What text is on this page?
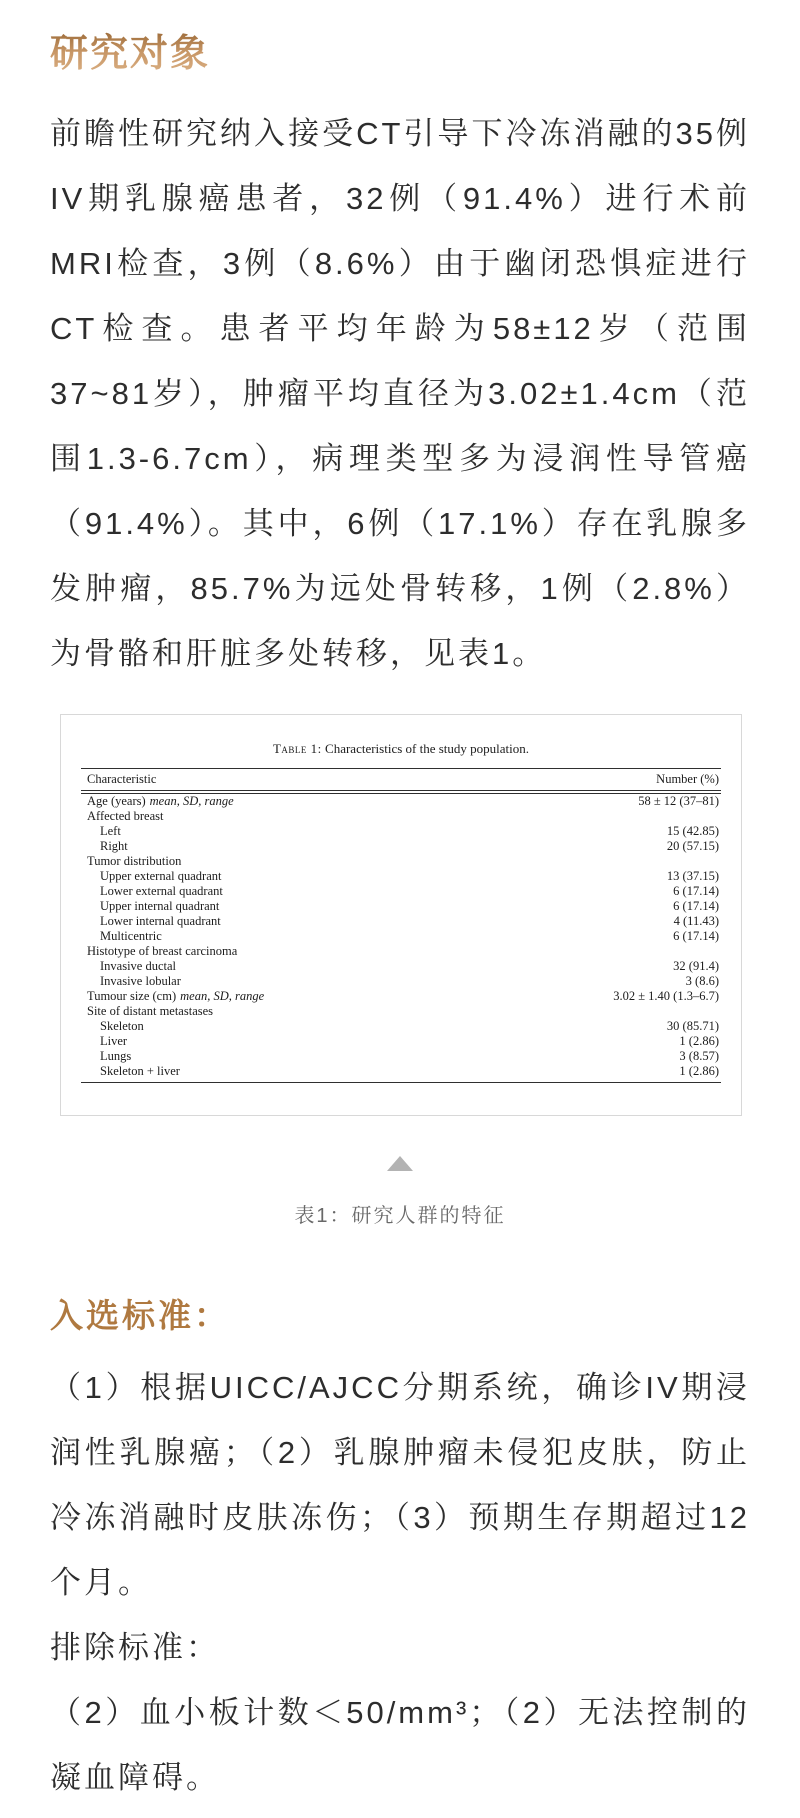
研究对象

前瞻性研究纳入接受CT引导下冷冻消融的35例IV期乳腺癌患者，32例（91.4%）进行术前MRI检查，3例（8.6%）由于幽闭恐惧症进行CT检查。患者平均年龄为58±12岁（范围37~81岁），肿瘤平均直径为3.02±1.4cm（范围1.3-6.7cm），病理类型多为浸润性导管癌（91.4%）。其中，6例（17.1%）存在乳腺多发肿瘤，85.7%为远处骨转移，1例（2.8%）为骨骼和肝脏多处转移，见表1。

Table 1: Characteristics of the study population.
Characteristic	Number (%)
Age (years) mean, SD, range	58 ± 12 (37–81)
Affected breast
Left	15 (42.85)
Right	20 (57.15)
Tumor distribution
Upper external quadrant	13 (37.15)
Lower external quadrant	6 (17.14)
Upper internal quadrant	6 (17.14)
Lower internal quadrant	4 (11.43)
Multicentric	6 (17.14)
Histotype of breast carcinoma
Invasive ductal	32 (91.4)
Invasive lobular	3 (8.6)
Tumour size (cm) mean, SD, range	3.02 ± 1.40 (1.3–6.7)
Site of distant metastases
Skeleton	30 (85.71)
Liver	1 (2.86)
Lungs	3 (8.57)
Skeleton + liver	1 (2.86)
表1：研究人群的特征
入选标准：

（1）根据UICC/AJCC分期系统，确诊IV期浸润性乳腺癌；（2）乳腺肿瘤未侵犯皮肤，防止冷冻消融时皮肤冻伤；（3）预期生存期超过12个月。

排除标准：

（2）血小板计数＜50/mm³；（2）无法控制的凝血障碍。
